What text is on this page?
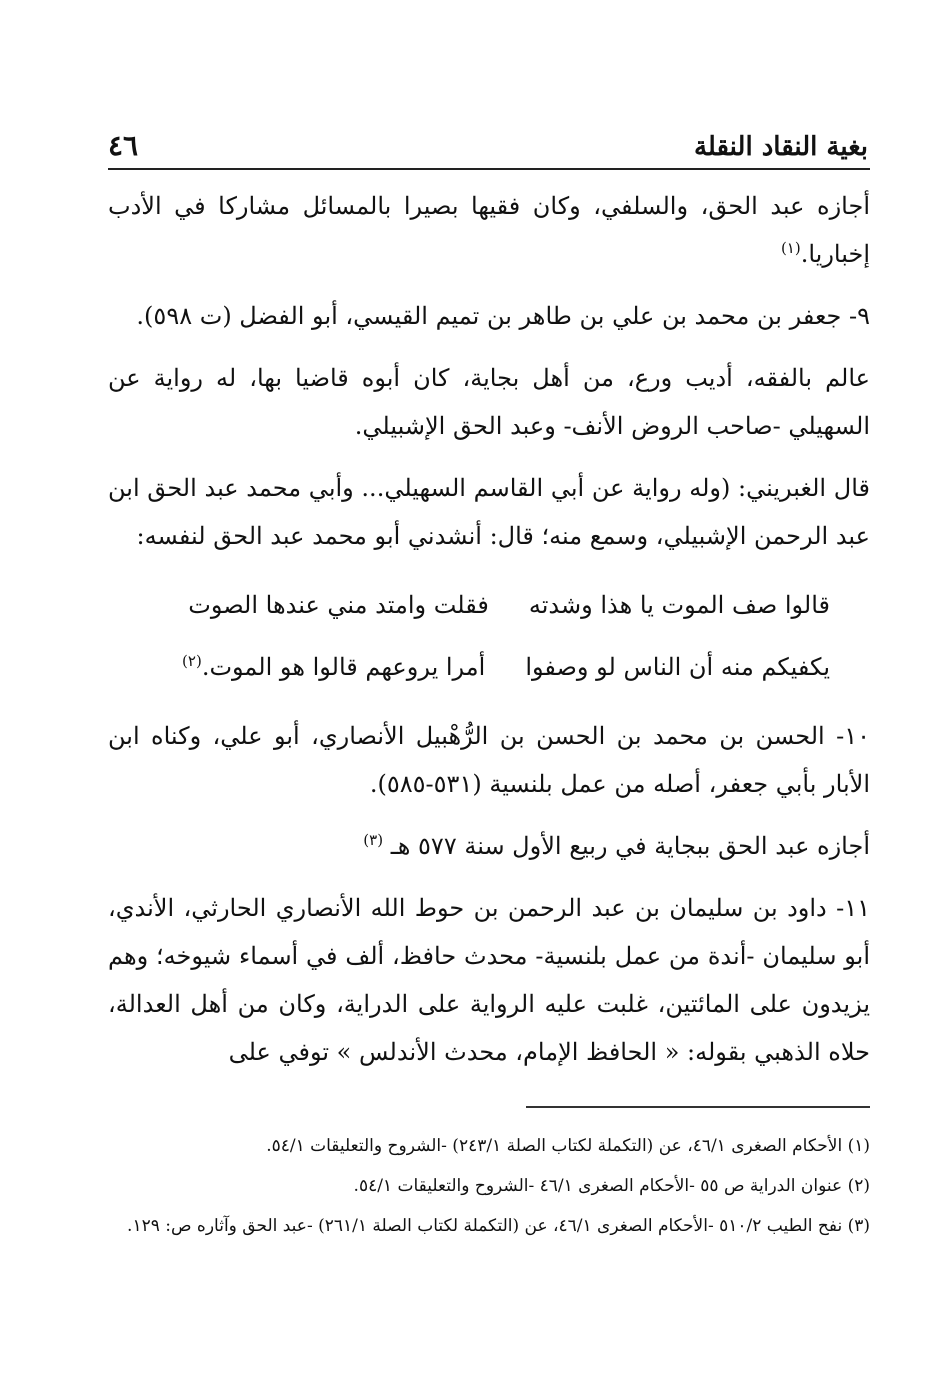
بغية النقاد النقلة
٤٦

أجازه عبد الحق، والسلفي، وكان فقيها بصيرا بالمسائل مشاركا في الأدب إخباريا.$^{(١)}$

٩- جعفر بن محمد بن علي بن طاهر بن تميم القيسي، أبو الفضل (ت ٥٩٨).

عالم بالفقه، أديب ورع، من أهل بجاية، كان أبوه قاضيا بها، له رواية عن السهيلي -صاحب الروض الأنف- وعبد الحق الإشبيلي.

قال الغبريني: (وله رواية عن أبي القاسم السهيلي... وأبي محمد عبد الحق ابن عبد الرحمن الإشبيلي، وسمع منه؛ قال: أنشدني أبو محمد عبد الحق لنفسه:

قالوا صف الموت يا هذا وشدته
فقلت وامتد مني عندها الصوت
يكفيكم منه أن الناس لو وصفوا
أمرا يروعهم قالوا هو الموت.$^{(٢)}$

١٠- الحسن بن محمد بن الحسن بن الرُّهْبيل الأنصاري، أبو علي، وكناه ابن الأبار بأبي جعفر، أصله من عمل بلنسية (٥٣١-٥٨٥).

أجازه عبد الحق ببجاية في ربيع الأول سنة ٥٧٧ هـ $^{(٣)}$

١١- داود بن سليمان بن عبد الرحمن بن حوط الله الأنصاري الحارثي، الأندي، أبو سليمان -أندة من عمل بلنسية- محدث حافظ، ألف في أسماء شيوخه؛ وهم يزيدون على المائتين، غلبت عليه الرواية على الدراية، وكان من أهل العدالة، حلاه الذهبي بقوله: « الحافظ الإمام، محدث الأندلس » توفي على

(١) الأحكام الصغرى ٤٦/١، عن (التكملة لكتاب الصلة ٢٤٣/١) -الشروح والتعليقات ٥٤/١.

(٢) عنوان الدراية ص ٥٥ -الأحكام الصغرى ٤٦/١ -الشروح والتعليقات ٥٤/١.

(٣) نفح الطيب ٥١٠/٢ -الأحكام الصغرى ٤٦/١، عن (التكملة لكتاب الصلة ٢٦١/١) -عبد الحق وآثاره ص: ١٢٩.
